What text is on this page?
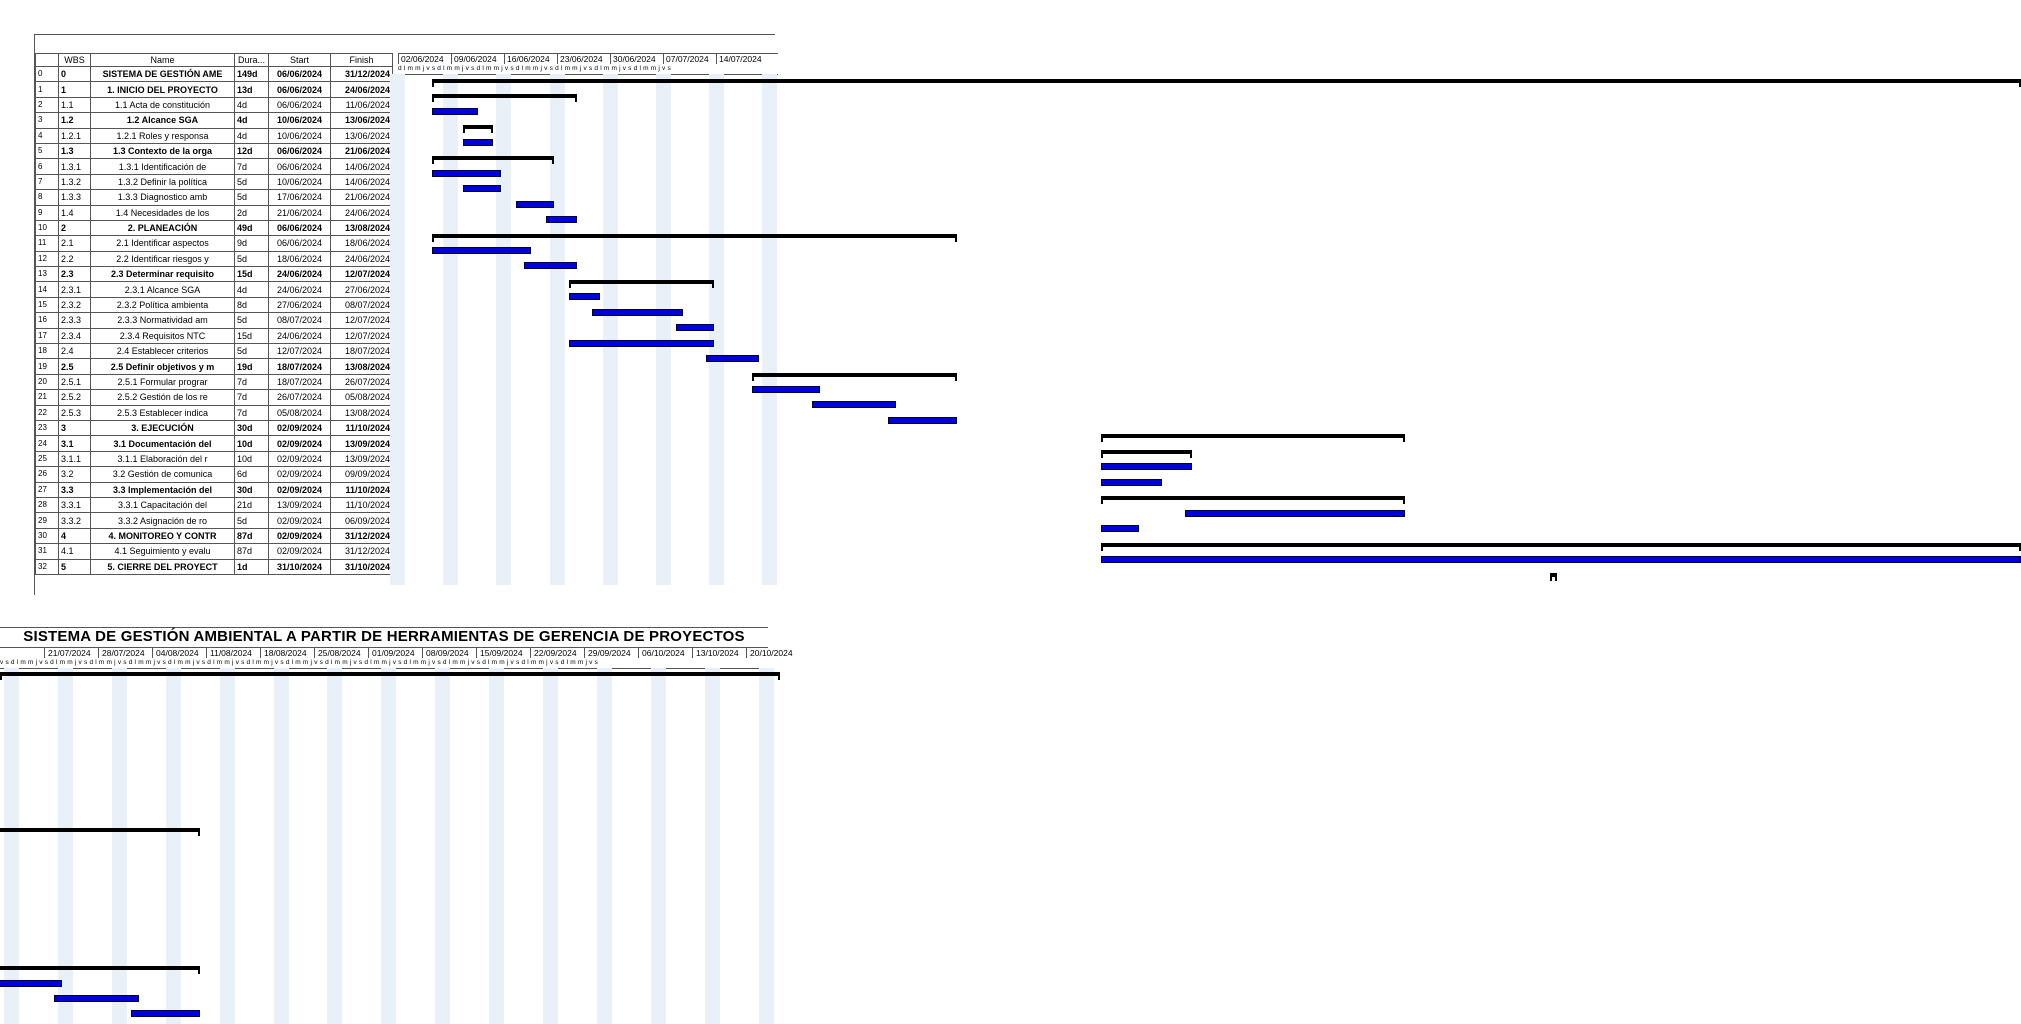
	WBS	Name	Dura...	Start	Finish
0	0	SISTEMA DE GESTIÓN AME	149d	06/06/2024	31/12/2024
1	1	1. INICIO DEL PROYECTO	13d	06/06/2024	24/06/2024
2	1.1	1.1 Acta de constitución	4d	06/06/2024	11/06/2024
3	1.2	1.2 Alcance SGA	4d	10/06/2024	13/06/2024
4	1.2.1	1.2.1 Roles y responsa	4d	10/06/2024	13/06/2024
5	1.3	1.3 Contexto de la orga	12d	06/06/2024	21/06/2024
6	1.3.1	1.3.1 Identificación de	7d	06/06/2024	14/06/2024
7	1.3.2	1.3.2 Definir la política	5d	10/06/2024	14/06/2024
8	1.3.3	1.3.3 Diagnostico amb	5d	17/06/2024	21/06/2024
9	1.4	1.4 Necesidades de los	2d	21/06/2024	24/06/2024
10	2	2. PLANEACIÓN	49d	06/06/2024	13/08/2024
11	2.1	2.1 Identificar aspectos	9d	06/06/2024	18/06/2024
12	2.2	2.2 Identificar riesgos y	5d	18/06/2024	24/06/2024
13	2.3	2.3 Determinar requisito	15d	24/06/2024	12/07/2024
14	2.3.1	2.3.1 Alcance SGA	4d	24/06/2024	27/06/2024
15	2.3.2	2.3.2 Política ambienta	8d	27/06/2024	08/07/2024
16	2.3.3	2.3.3 Normatividad am	5d	08/07/2024	12/07/2024
17	2.3.4	2.3.4 Requisitos NTC	15d	24/06/2024	12/07/2024
18	2.4	2.4 Establecer criterios	5d	12/07/2024	18/07/2024
19	2.5	2.5 Definir objetivos y m	19d	18/07/2024	13/08/2024
20	2.5.1	2.5.1 Formular prograr	7d	18/07/2024	26/07/2024
21	2.5.2	2.5.2 Gestión de los re	7d	26/07/2024	05/08/2024
22	2.5.3	2.5.3 Establecer indica	7d	05/08/2024	13/08/2024
23	3	3. EJECUCIÓN	30d	02/09/2024	11/10/2024
24	3.1	3.1 Documentación del	10d	02/09/2024	13/09/2024
25	3.1.1	3.1.1 Elaboración del r	10d	02/09/2024	13/09/2024
26	3.2	3.2 Gestión de comunica	6d	02/09/2024	09/09/2024
27	3.3	3.3 Implementación del	30d	02/09/2024	11/10/2024
28	3.3.1	3.3.1 Capacitación del	21d	13/09/2024	11/10/2024
29	3.3.2	3.3.2 Asignación de ro	5d	02/09/2024	06/09/2024
30	4	4. MONITOREO Y CONTR	87d	02/09/2024	31/12/2024
31	4.1	4.1 Seguimiento y evalu	87d	02/09/2024	31/12/2024
32	5	5. CIERRE DEL PROYECT	1d	31/10/2024	31/10/2024
02/06/2024 09/06/2024 16/06/2024 23/06/2024 30/06/2024 07/07/2024 14/07/2024
d l m m j v s d l m m j v s d l m m j v s d l m m j v s d l m m j v s d l m m j v s d l m m j v s
SISTEMA DE GESTIÓN AMBIENTAL A PARTIR DE HERRAMIENTAS DE GERENCIA DE PROYECTOS
21/07/2024 28/07/2024 04/08/2024 11/08/2024 18/08/2024 25/08/2024 01/09/2024 08/09/2024 15/09/2024 22/09/2024 29/09/2024 06/10/2024 13/10/2024 20/10/2024
v s d l m m j v s d l m m j v s d l m m j v s d l m m j v s d l m m j v s d l m m j v s d l m m j v s d l m m j v s d l m m j v s d l m m j v s d l m m j v s d l m m j v s d l m m j v s d l m m j v s d l m m j v s
